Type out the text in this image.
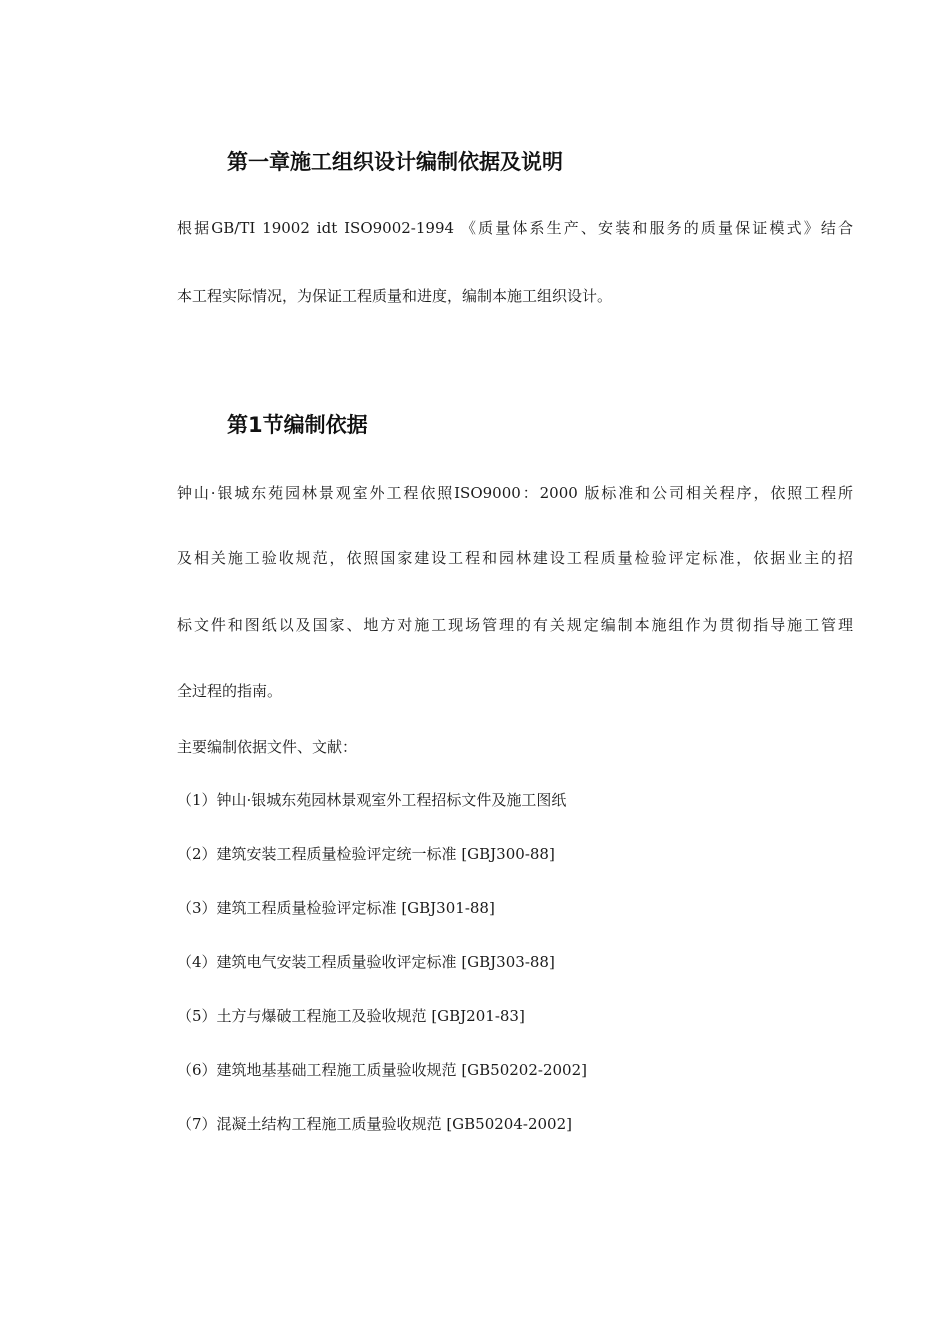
第一章施工组织设计编制依据及说明
根据GB/TI 19002 idt ISO9002-1994 《质量体系生产、安装和服务的质量保证模式》结合
本工程实际情况，为保证工程质量和进度，编制本施工组织设计。
第1节编制依据
钟山·银城东苑园林景观室外工程依照ISO9000：2000 版标准和公司相关程序，依照工程所
及相关施工验收规范，依照国家建设工程和园林建设工程质量检验评定标准，依据业主的招
标文件和图纸以及国家、地方对施工现场管理的有关规定编制本施组作为贯彻指导施工管理
全过程的指南。
主要编制依据文件、文献：
（1）钟山·银城东苑园林景观室外工程招标文件及施工图纸
（2）建筑安装工程质量检验评定统一标准 [GBJ300-88]
（3）建筑工程质量检验评定标准 [GBJ301-88]
（4）建筑电气安装工程质量验收评定标准 [GBJ303-88]
（5）土方与爆破工程施工及验收规范 [GBJ201-83]
（6）建筑地基基础工程施工质量验收规范 [GB50202-2002]
（7）混凝土结构工程施工质量验收规范 [GB50204-2002]
